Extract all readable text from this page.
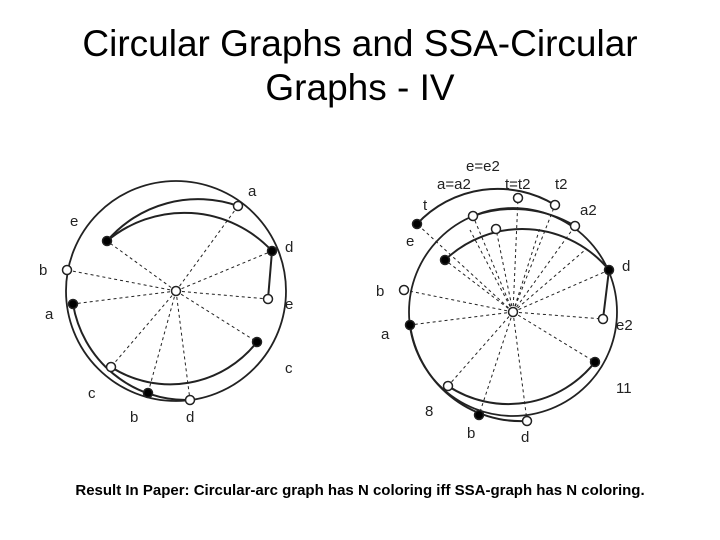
Circular Graphs and SSA-Circular
Graphs - IV
a
e
d
b
e
a
c
c
b	d
e=e2
a=a2 t=t2 t2
t	a2
e
d
b
a
e2
11
8
b	d
Result In Paper: Circular-arc graph has N coloring iff SSA-graph has N coloring.
